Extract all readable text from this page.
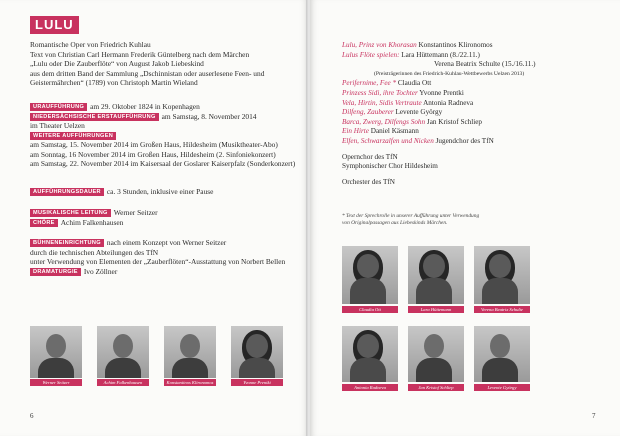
LULU
Romantische Oper von Friedrich Kuhlau
Text von Christian Carl Hermann Frederik Güntelberg nach dem Märchen
„Lulu oder Die Zauberflöte“ von August Jakob Liebeskind
aus dem dritten Band der Sammlung „Dschinnistan oder auserlesene Feen- und
Geistermährchen“ (1789) von Christoph Martin Wieland
URAUFFÜHRUNG am 29. Oktober 1824 in Kopenhagen
NIEDERSÄCHSISCHE ERSTAUFFÜHRUNG am Samstag, 8. November 2014
im Theater Uelzen
WEITERE AUFFÜHRUNGEN
am Samstag, 15. November 2014 im Großen Haus, Hildesheim (Musiktheater-Abo)
am Sonntag, 16 November 2014 im Großen Haus, Hildesheim (2. Sinfoniekonzert)
am Samstag, 22. November 2014 im Kaisersaal der Goslarer Kaiserpfalz (Sonderkonzert)
AUFFÜHRUNGSDAUER ca. 3 Stunden, inklusive einer Pause
MUSIKALISCHE LEITUNG Werner Seitzer
CHÖRE Achim Falkenhausen
BÜHNENEINRICHTUNG nach einem Konzept von Werner Seitzer
durch die technischen Abteilungen des TfN
unter Verwendung von Elementen der „Zauberflöten“-Ausstattung von Norbert Bellen
DRAMATURGIE Ivo Zöllner
Werner Seitzer	Achim Falkenhausen	Konstantinos Klironomos	Yvonne Prentki
6
Lulu, Prinz von Khorasan Konstantinos Klironomos
Lulus Flöte spielen: Lara Hüttemann (8./22.11.)
Verena Beatrix Schulte (15./16.11.)
(Preisträgerinnen des Friedrich-Kuhlau-Wettbewerbs Uelzen 2013)
Perifernime, Fee * Claudia Ott
Prinzess Sidi, ihre Tochter Yvonne Prentki
Vela, Hirtin, Sidis Vertraute Antonia Radneva
Dilfeng, Zauberer Levente György
Barca, Zwerg, Dilfengs Sohn Jan Kristof Schliep
Ein Hirte Daniel Käsmann
Elfen, Schwarzalfen und Nicken Jugendchor des TfN
Opernchor des TfN
Symphonischer Chor Hildesheim
Orchester des TfN
* Text der Sprechrolle in unserer Aufführung unter Verwendung
von Originalpassagen aus Liebeskinds Märchen.
Claudia Ott	Lara Hüttemann	Verena Beatrix Schulte
Antonia Radneva	Jan Kristof Schliep	Levente György
7
